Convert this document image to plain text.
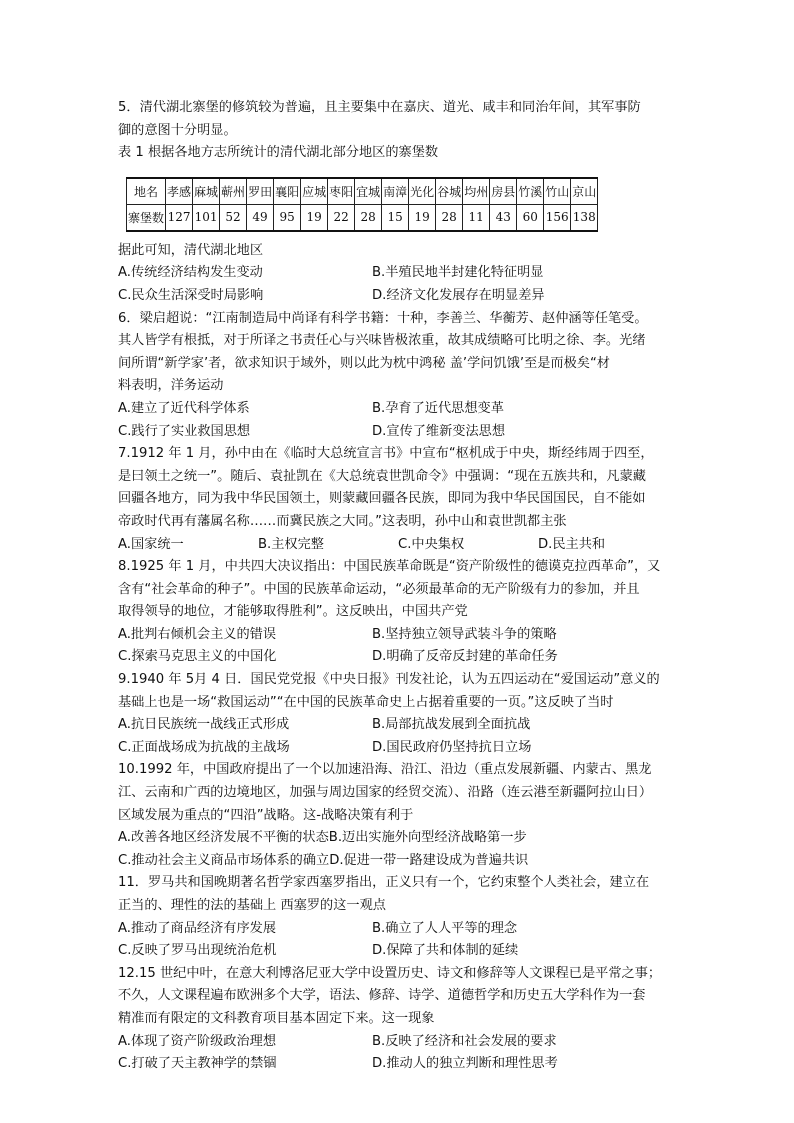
5．清代湖北寨堡的修筑较为普遍，且主要集中在嘉庆、道光、咸丰和同治年间，其军事防
御的意图十分明显。
表 1 根据各地方志所统计的清代湖北部分地区的寨堡数
地名	孝感	麻城	蕲州	罗田	襄阳	应城	枣阳	宜城	南漳	光化	谷城	均州	房县	竹溪	竹山	京山
寨堡数	127	101	52	49	95	19	22	28	15	19	28	11	43	60	156	138
据此可知，清代湖北地区
A.传统经济结构发生变动	B.半殖民地半封建化特征明显
C.民众生活深受时局影响	D.经济文化发展存在明显差异
6．梁启超说：“江南制造局中尚译有科学书籍：十种，李善兰、华蘅芳、赵仲涵等任笔受。
其人皆学有根抵，对于所译之书责任心与兴味皆极浓重，故其成绩略可比明之徐、李。光绪
间所谓“新学家’者，欲求知识于域外，则以此为枕中鸿秘 盖’学问饥饿’至是而极矣“材
料表明，洋务运动
A.建立了近代科学体系	B.孕育了近代思想变革
C.践行了实业救国思想	D.宣传了维新变法思想
7.1912 年 1 月，孙中由在《临时大总统宣言书》中宣布“枢机成于中央，斯经纬周于四至，
是曰领土之统一”。随后、袁扯凯在《大总统袁世凯命令》中强调：“现在五族共和，凡蒙藏
回疆各地方，同为我中华民国领土，则蒙藏回疆各民族，即同为我中华民国国民，自不能如
帝政时代再有藩属名称……而冀民族之大同。”这表明，孙中山和袁世凯都主张
A.国家统一	B.主权完整	C.中央集权	D.民主共和
8.1925 年 1 月，中共四大决议指出：中国民族革命既是“资产阶级性的德谟克拉西革命”，又
含有“社会革命的种子”。中国的民族革命运动，“必须最革命的无产阶级有力的参加，并且
取得领导的地位，才能够取得胜利”。这反映出，中国共产党
A.批判右倾机会主义的错误	B.坚持独立领导武装斗争的策略
C.探索马克思主义的中国化	D.明确了反帝反封建的革命任务
9.1940 年 5月 4 日．国民党党报《中央日报》刊发社论，认为五四运动在“爱国运动”意义的
基础上也是一场“救国运动”“在中国的民族革命史上占据着重要的一页。”这反映了当时
A.抗日民族统一战线正式形成	B.局部抗战发展到全面抗战
C.正面战场成为抗战的主战场	D.国民政府仍坚持抗日立场
10.1992 年，中国政府提出了一个以加速沿海、沿江、沿边（重点发展新疆、内蒙古、黑龙
江、云南和广西的边境地区，加强与周边国家的经贸交流）、沿路（连云港至新疆阿拉山日）
区域发展为重点的“四沿”战略。这-战略决策有利于
A.改善各地区经济发展不平衡的状态B.迈出实施外向型经济战略第一步
C.推动社会主义商品市场体系的确立D.促进一带一路建设成为普遍共识
11．罗马共和国晚期著名哲学家西塞罗指出，正义只有一个，它约束整个人类社会，建立在
正当的、理性的法的基础上 西塞罗的这一观点
A.推动了商品经济有序发展	B.确立了人人平等的理念
C.反映了罗马出现统治危机	D.保障了共和体制的延续
12.15 世纪中叶，在意大利博洛尼亚大学中设置历史、诗文和修辞等人文课程已是平常之事；
不久，人文课程遍布欧洲多个大学，语法、修辞、诗学、道德哲学和历史五大学科作为一套
精准而有限定的文科教育项目基本固定下来。这一现象
A.体现了资产阶级政治理想	B.反映了经济和社会发展的要求
C.打破了天主教神学的禁锢	D.推动人的独立判断和理性思考
